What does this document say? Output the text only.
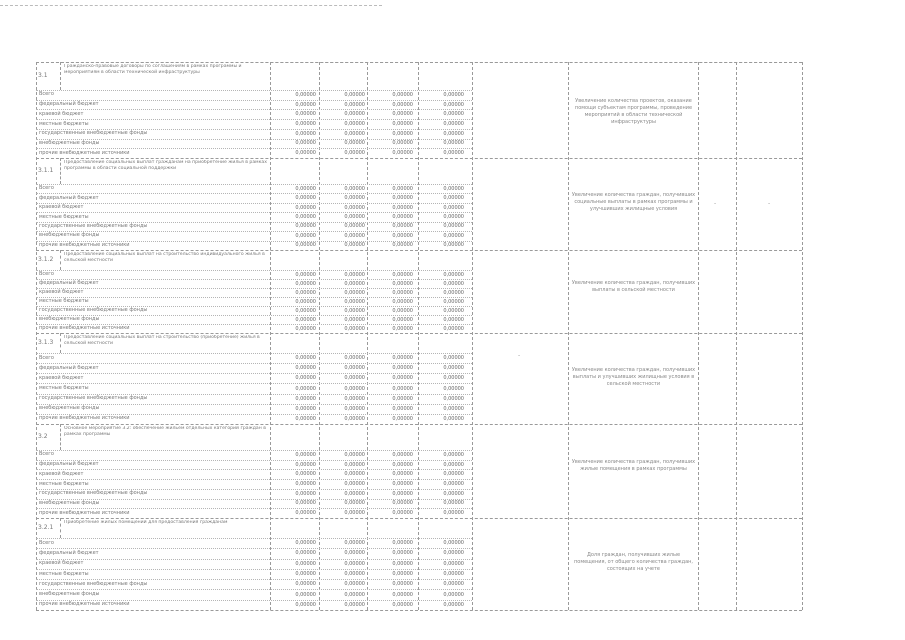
3.1
Гражданско-правовые договоры по соглашениям в рамках программы и мероприятиям в области технической инфраструктуры
Всего	0,00000	0,00000	0,00000	0,00000
федеральный бюджет	0,00000	0,00000	0,00000	0,00000
краевой бюджет	0,00000	0,00000	0,00000	0,00000
местные бюджеты	0,00000	0,00000	0,00000	0,00000
государственные внебюджетные фонды	0,00000	0,00000	0,00000	0,00000
внебюджетные фонды	0,00000	0,00000	0,00000	0,00000
прочие внебюджетные источники	0,00000	0,00000	0,00000	0,00000
Увеличение количества проектов, оказание помощи субъектам программы, проведение мероприятий в области технической инфраструктуры
3.1.1
Предоставление социальных выплат гражданам на приобретение жилья в рамках программы в области социальной поддержки
Всего	0,00000	0,00000	0,00000	0,00000
федеральный бюджет	0,00000	0,00000	0,00000	0,00000
краевой бюджет	0,00000	0,00000	0,00000	0,00000
местные бюджеты	0,00000	0,00000	0,00000	0,00000
государственные внебюджетные фонды	0,00000	0,00000	0,00000	0,00000
внебюджетные фонды	0,00000	0,00000	0,00000	0,00000
прочие внебюджетные источники	0,00000	0,00000	0,00000	0,00000
Увеличение количества граждан, получивших социальные выплаты в рамках программы и улучшивших жилищные условия
3.1.2
Предоставление социальных выплат на строительство индивидуального жилья в сельской местности
Всего	0,00000	0,00000	0,00000	0,00000
федеральный бюджет	0,00000	0,00000	0,00000	0,00000
краевой бюджет	0,00000	0,00000	0,00000	0,00000
местные бюджеты	0,00000	0,00000	0,00000	0,00000
государственные внебюджетные фонды	0,00000	0,00000	0,00000	0,00000
внебюджетные фонды	0,00000	0,00000	0,00000	0,00000
прочие внебюджетные источники	0,00000	0,00000	0,00000	0,00000
Увеличение количества граждан, получивших выплаты в сельской местности
3.1.3
Предоставление социальных выплат на строительство (приобретение) жилья в сельской местности
Всего	0,00000	0,00000	0,00000	0,00000
федеральный бюджет	0,00000	0,00000	0,00000	0,00000
краевой бюджет	0,00000	0,00000	0,00000	0,00000
местные бюджеты	0,00000	0,00000	0,00000	0,00000
государственные внебюджетные фонды	0,00000	0,00000	0,00000	0,00000
внебюджетные фонды	0,00000	0,00000	0,00000	0,00000
прочие внебюджетные источники	0,00000	0,00000	0,00000	0,00000
Увеличение количества граждан, получивших выплаты и улучшивших жилищные условия в сельской местности
3.2
Основное мероприятие 3.2: обеспечение жильем отдельных категорий граждан в рамках программы
Всего	0,00000	0,00000	0,00000	0,00000
федеральный бюджет	0,00000	0,00000	0,00000	0,00000
краевой бюджет	0,00000	0,00000	0,00000	0,00000
местные бюджеты	0,00000	0,00000	0,00000	0,00000
государственные внебюджетные фонды	0,00000	0,00000	0,00000	0,00000
внебюджетные фонды	0,00000	0,00000	0,00000	0,00000
прочие внебюджетные источники	0,00000	0,00000	0,00000	0,00000
Увеличение количества граждан, получивших жилые помещения в рамках программы
3.2.1
Приобретение жилых помещений для предоставления гражданам
Всего	0,00000	0,00000	0,00000	0,00000
федеральный бюджет	0,00000	0,00000	0,00000	0,00000
краевой бюджет	0,00000	0,00000	0,00000	0,00000
местные бюджеты	0,00000	0,00000	0,00000	0,00000
государственные внебюджетные фонды	0,00000	0,00000	0,00000	0,00000
внебюджетные фонды	0,00000	0,00000	0,00000	0,00000
прочие внебюджетные источники	0,00000	0,00000	0,00000	0,00000
Доля граждан, получивших жилые помещения, от общего количества граждан, состоящих на учете
-
-	-
